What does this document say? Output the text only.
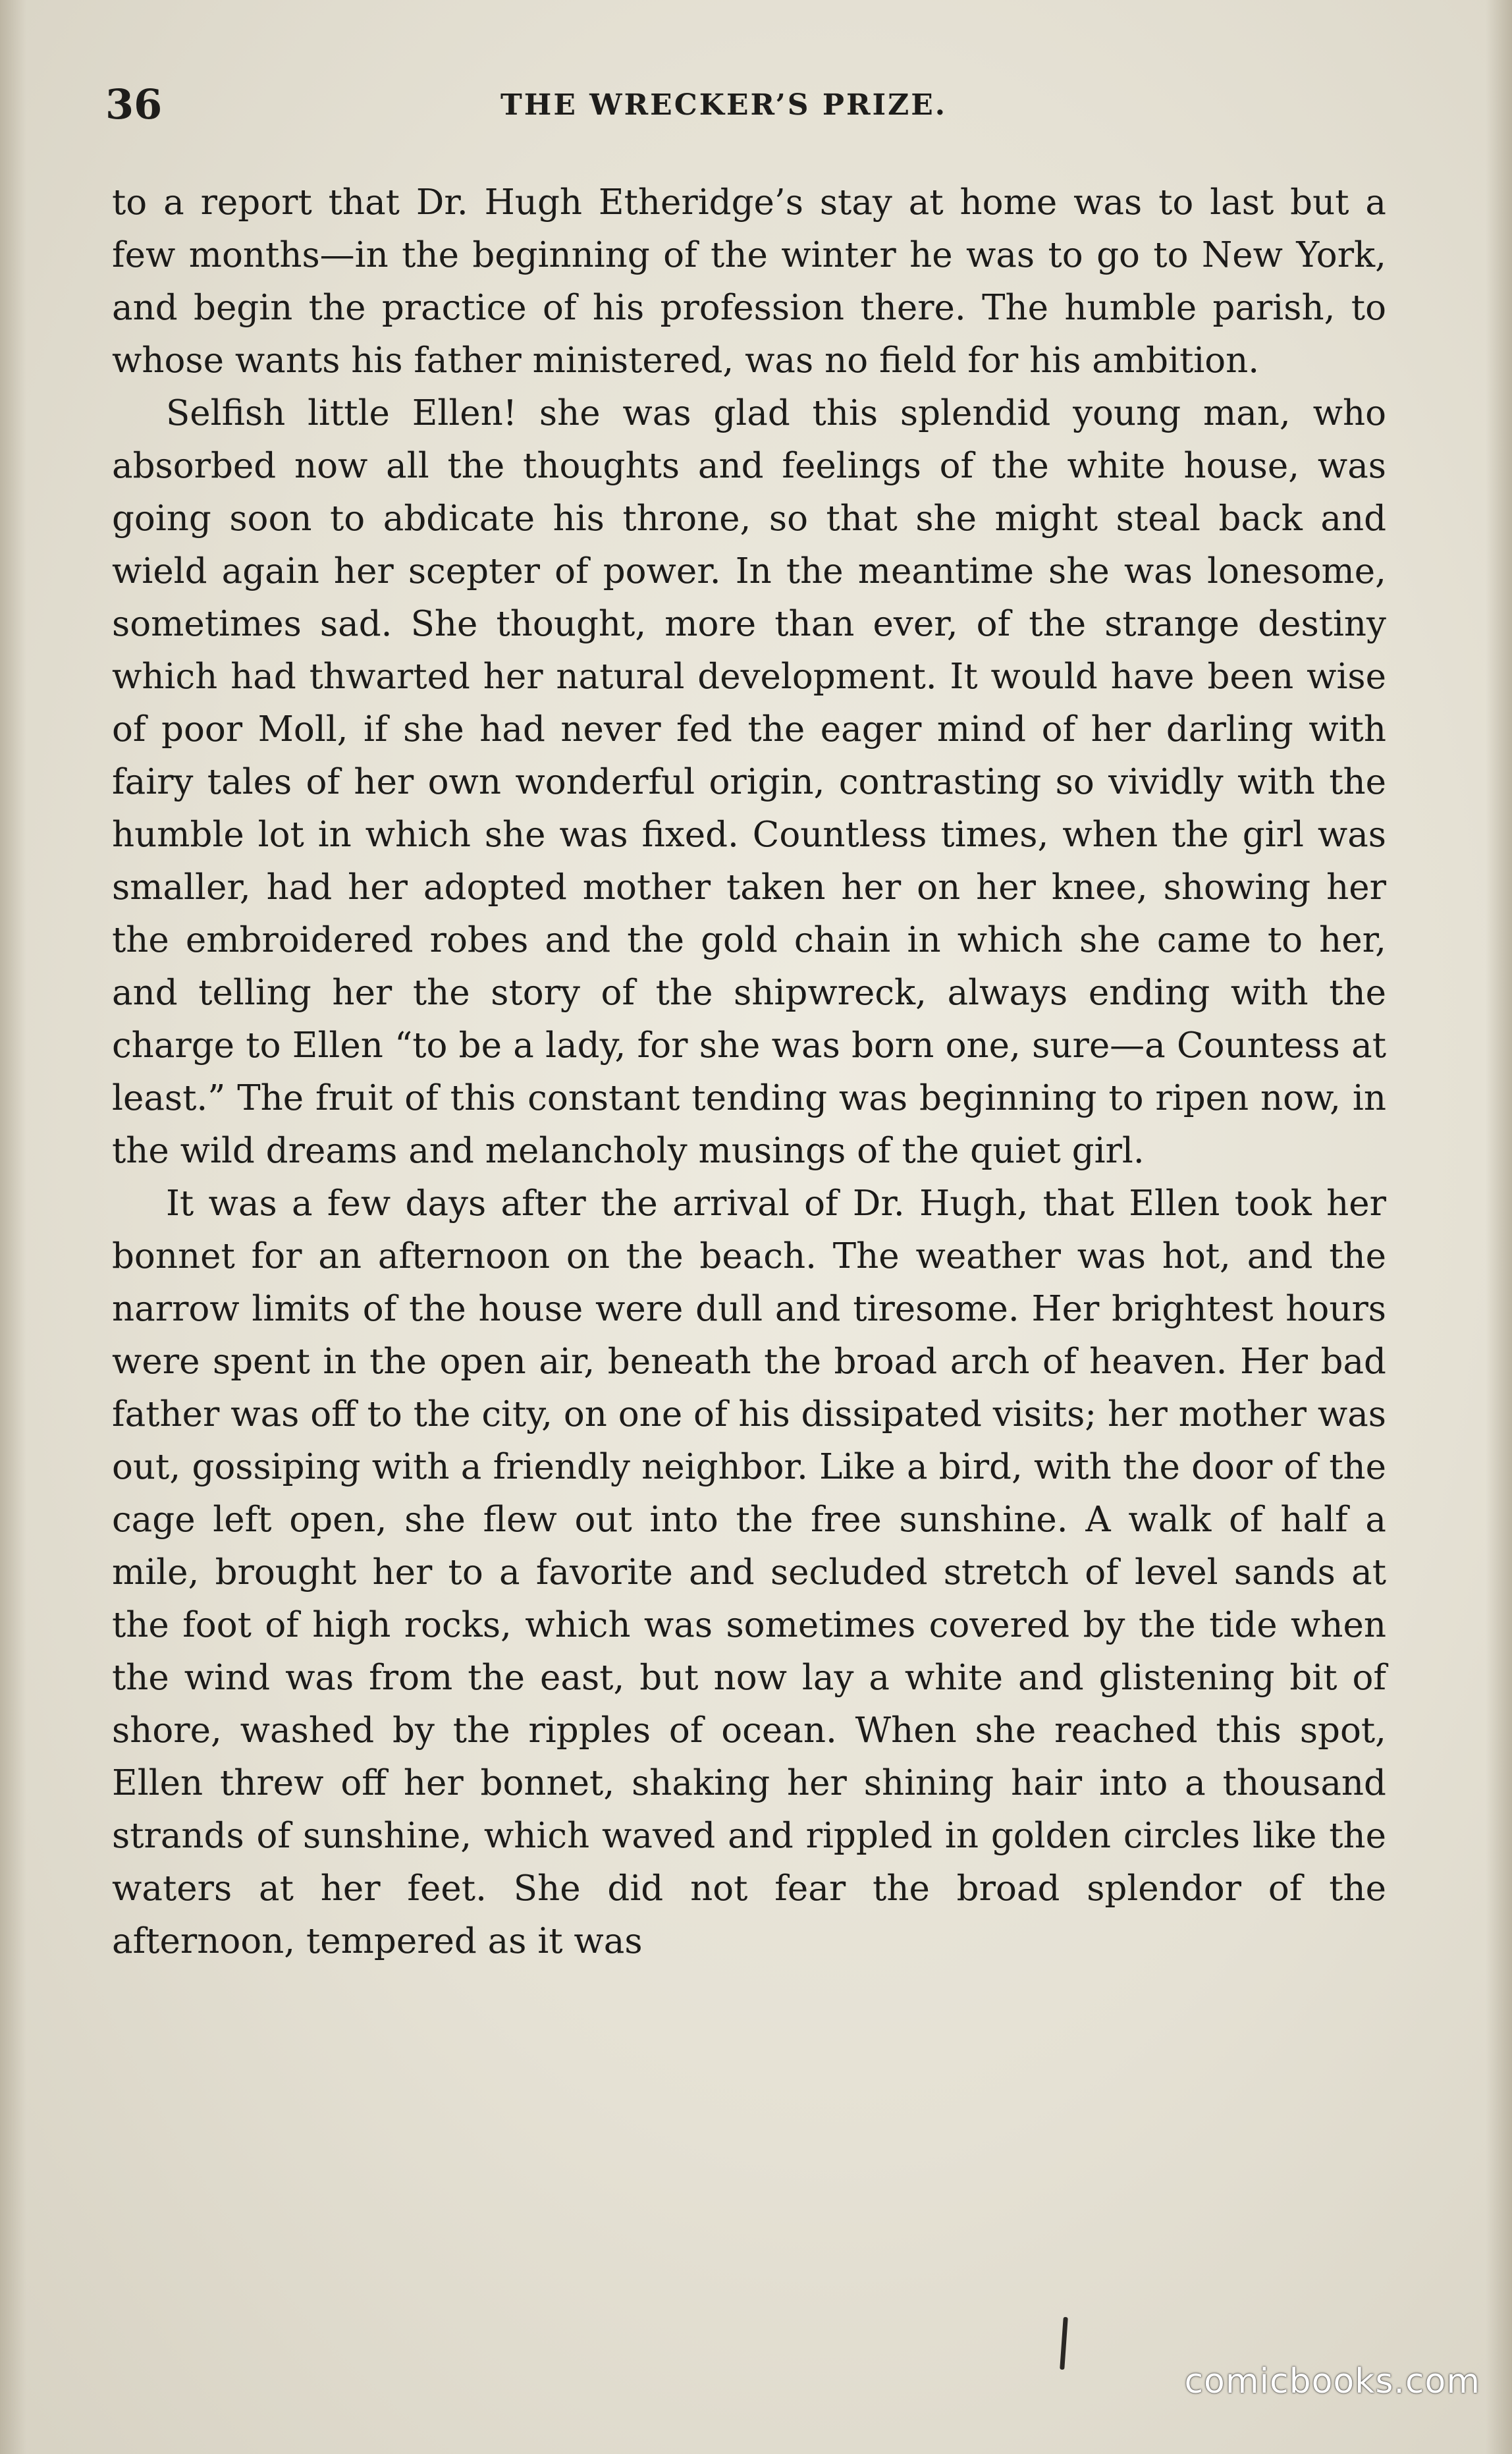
36	THE WRECKER’S PRIZE.

to a report that Dr. Hugh Etheridge’s stay at home was to last but a few months—in the beginning of the winter he was to go to New York, and begin the practice of his profession there. The humble parish, to whose wants his father ministered, was no field for his ambition.

Selfish little Ellen! she was glad this splendid young man, who absorbed now all the thoughts and feelings of the white house, was going soon to abdicate his throne, so that she might steal back and wield again her scepter of power. In the meantime she was lonesome, sometimes sad. She thought, more than ever, of the strange destiny which had thwarted her natural development. It would have been wise of poor Moll, if she had never fed the eager mind of her darling with fairy tales of her own wonderful origin, contrasting so vividly with the humble lot in which she was fixed. Countless times, when the girl was smaller, had her adopted mother taken her on her knee, showing her the embroidered robes and the gold chain in which she came to her, and telling her the story of the shipwreck, always ending with the charge to Ellen “to be a lady, for she was born one, sure—a Countess at least.” The fruit of this constant tending was beginning to ripen now, in the wild dreams and melancholy musings of the quiet girl.

It was a few days after the arrival of Dr. Hugh, that Ellen took her bonnet for an afternoon on the beach. The weather was hot, and the narrow limits of the house were dull and tiresome. Her brightest hours were spent in the open air, beneath the broad arch of heaven. Her bad father was off to the city, on one of his dissipated visits; her mother was out, gossiping with a friendly neighbor. Like a bird, with the door of the cage left open, she flew out into the free sunshine. A walk of half a mile, brought her to a favorite and secluded stretch of level sands at the foot of high rocks, which was sometimes covered by the tide when the wind was from the east, but now lay a white and glistening bit of shore, washed by the ripples of ocean. When she reached this spot, Ellen threw off her bonnet, shaking her shining hair into a thousand strands of sunshine, which waved and rippled in golden circles like the waters at her feet. She did not fear the broad splendor of the afternoon, tempered as it was

comicbooks.com
